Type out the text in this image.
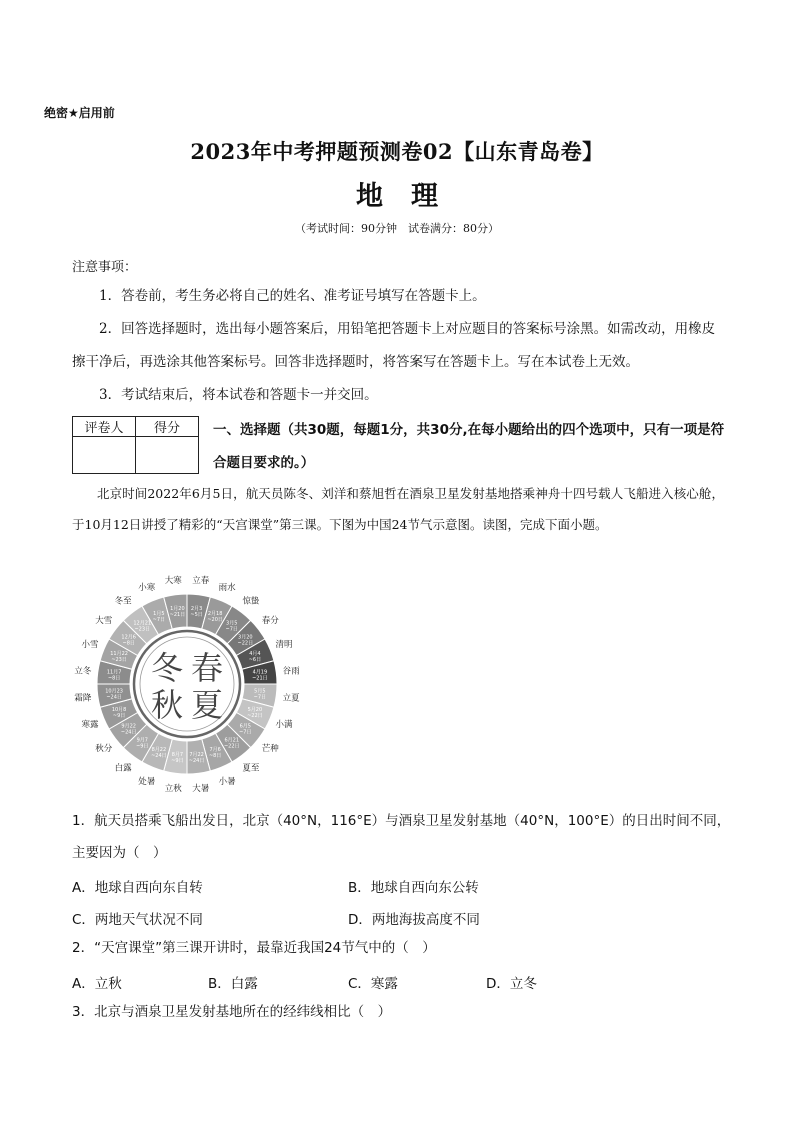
绝密★启用前
2023年中考押题预测卷02【山东青岛卷】
地理
（考试时间：90分钟　试卷满分：80分）
注意事项：
1．答卷前，考生务必将自己的姓名、准考证号填写在答题卡上。
2．回答选择题时，选出每小题答案后，用铅笔把答题卡上对应题目的答案标号涂黑。如需改动，用橡皮擦干净后，再选涂其他答案标号。回答非选择题时，将答案写在答题卡上。写在本试卷上无效。
3．考试结束后，将本试卷和答题卡一并交回。
评卷人	得分
	一、选择题（共30题，每题1分，共30分,在每小题给出的四个选项中，只有一项是符合题目要求的。）
北京时间2022年6月5日，航天员陈冬、刘洋和蔡旭哲在酒泉卫星发射基地搭乘神舟十四号载人飞船进入核心舱，于10月12日讲授了精彩的“天宫课堂”第三课。下图为中国24节气示意图。读图，完成下面小题。
2月3 ~5日
立春
2月18 ~20日
雨水
3月5 ~7日
惊蛰
3月20 ~22日
春分
4月4 ~6日
清明
4月19 ~21日
谷雨
5月5 ~7日 立夏
5月20 ~22日
小满
6月5 ~7日
芒种
6月21 ~22日
夏至
7月6 ~8日
小暑
7月22 ~24日
大暑
8月7 ~9日
立秋
8月22 ~24日
处暑
9月7 ~9日
白露
9月22 ~24日
秋分
10月8 ~9日
寒露
10月23 ~24日
霜降
11月7 ~8日
立冬
11月22 ~23日
小雪
12月6 ~8日
大雪	12月21 ~23日
冬至
1月5 ~7日
小寒
1月20 ~21日
大寒
冬 春
秋 夏
1．航天员搭乘飞船出发日，北京（40°N，116°E）与酒泉卫星发射基地（40°N，100°E）的日出时间不同，主要因为（　）
A．地球自西向东自转	B．地球自西向东公转
C．两地天气状况不同	D．两地海拔高度不同
2．“天宫课堂”第三课开讲时，最靠近我国24节气中的（　）
A．立秋	B．白露	C．寒露	D．立冬
3．北京与酒泉卫星发射基地所在的经纬线相比（　）
